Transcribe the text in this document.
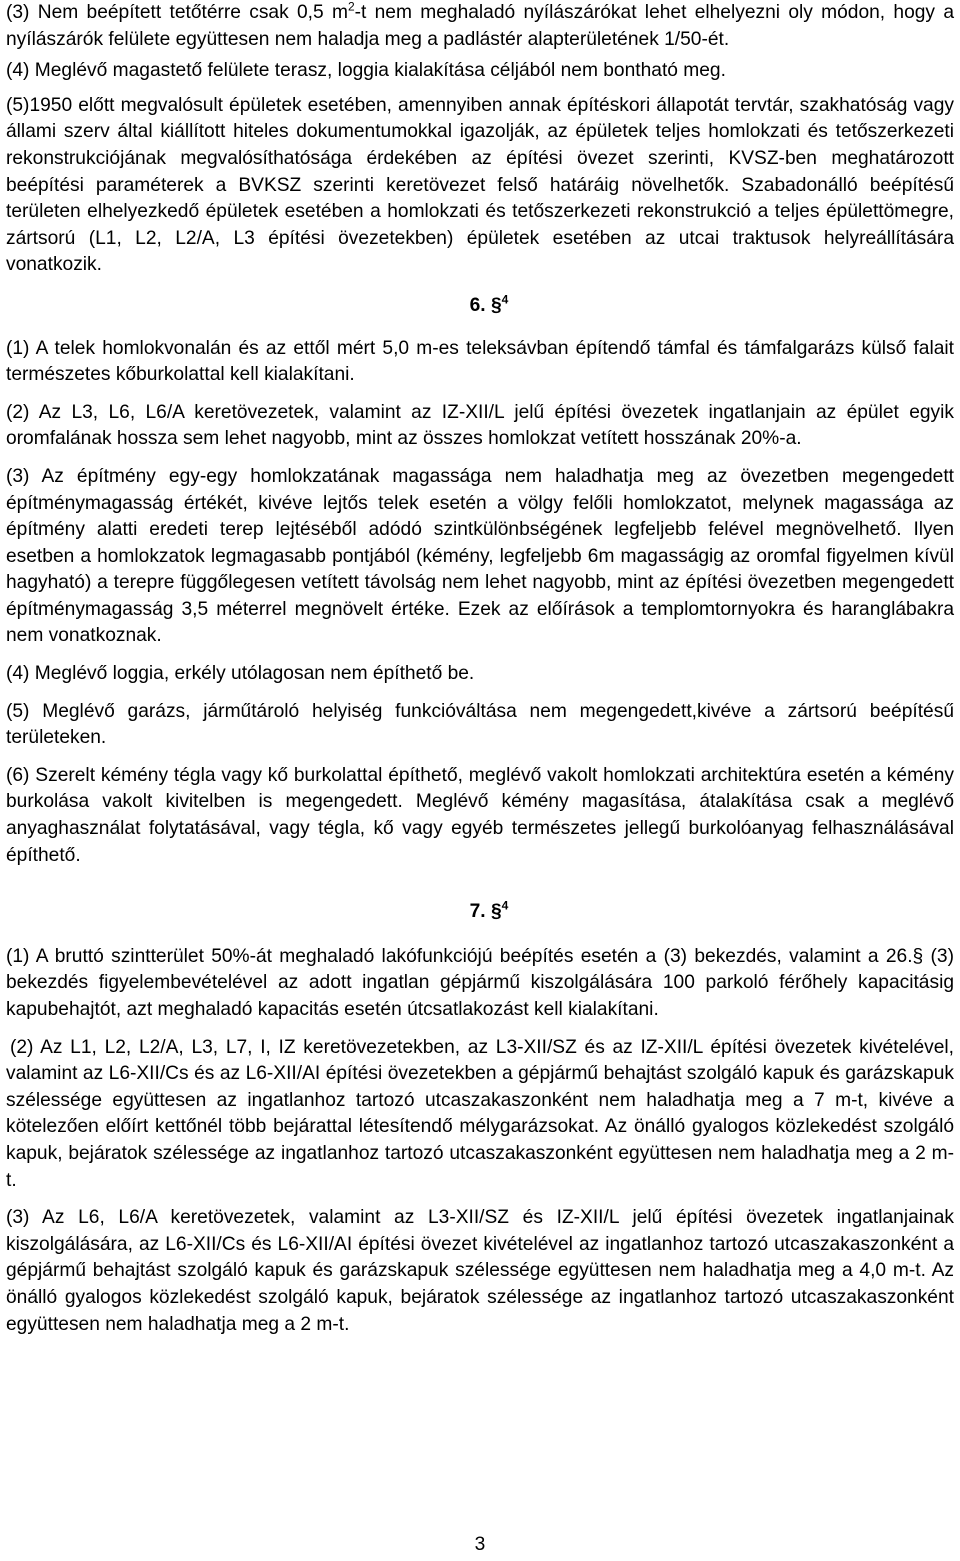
(3) Nem beépített tetőtérre csak 0,5 $m^2-t$ nem meghaladó nyílászárókat lehet elhelyezni oly módon, hogy a nyílászárók felülete együttesen nem haladja meg a padlástér alapterületének 1/50-ét.

(4) Meglévő magastető felülete terasz, loggia kialakítása céljából nem bontható meg.

(5)1950 előtt megvalósult épületek esetében, amennyiben annak építéskori állapotát tervtár, szakhatóság vagy állami szerv által kiállított hiteles dokumentumokkal igazolják, az épületek teljes homlokzati és tetőszerkezeti rekonstrukciójának megvalósíthatósága érdekében az építési övezet szerinti, KVSZ-ben meghatározott beépítési paraméterek a BVKSZ szerinti keretövezet felső határáig növelhetők. Szabadonálló beépítésű területen elhelyezkedő épületek esetében a homlokzati és tetőszerkezeti rekonstrukció a teljes épülettömegre, zártsorú (L1, L2, L2/A, L3 építési övezetekben) épületek esetében az utcai traktusok helyreállítására vonatkozik.

6. §$^4$

(1) A telek homlokvonalán és az ettől mért 5,0 m-es teleksávban építendő támfal és támfalgarázs külső falait természetes kőburkolattal kell kialakítani.

(2) Az L3, L6, L6/A keretövezetek, valamint az IZ-XII/L jelű építési övezetek ingatlanjain az épület egyik oromfalának hossza sem lehet nagyobb, mint az összes homlokzat vetített hosszának 20%-a.

(3) Az építmény egy-egy homlokzatának magassága nem haladhatja meg az övezetben megengedett építménymagasság értékét, kivéve lejtős telek esetén a völgy felőli homlokzatot, melynek magassága az építmény alatti eredeti terep lejtéséből adódó szintkülönbségének legfeljebb felével megnövelhető. Ilyen esetben a homlokzatok legmagasabb pontjából (kémény, legfeljebb 6m magasságig az oromfal figyelmen kívül hagyható) a terepre függőlegesen vetített távolság nem lehet nagyobb, mint az építési övezetben megengedett építménymagasság 3,5 méterrel megnövelt értéke. Ezek az előírások a templomtornyokra és haranglábakra nem vonatkoznak.

(4) Meglévő loggia, erkély utólagosan nem építhető be.

(5) Meglévő garázs, járműtároló helyiség funkcióváltása nem megengedett,kivéve a zártsorú beépítésű területeken.

(6) Szerelt kémény tégla vagy kő burkolattal építhető, meglévő vakolt homlokzati architektúra esetén a kémény burkolása vakolt kivitelben is megengedett. Meglévő kémény magasítása, átalakítása csak a meglévő anyaghasználat folytatásával, vagy tégla, kő vagy egyéb természetes jellegű burkolóanyag felhasználásával építhető.

7. §$^4$

(1) A bruttó szintterület 50%-át meghaladó lakófunkciójú beépítés esetén a (3) bekezdés, valamint a 26.§ (3) bekezdés figyelembevételével az adott ingatlan gépjármű kiszolgálására 100 parkoló férőhely kapacitásig kapubehajtót, azt meghaladó kapacitás esetén útcsatlakozást kell kialakítani.

(2) Az L1, L2, L2/A, L3, L7, I, IZ keretövezetekben, az L3-XII/SZ és az IZ-XII/L építési övezetek kivételével, valamint az L6-XII/Cs és az L6-XII/AI építési övezetekben a gépjármű behajtást szolgáló kapuk és garázskapuk szélessége együttesen az ingatlanhoz tartozó utcaszakaszonként nem haladhatja meg a 7 m-t, kivéve a kötelezően előírt kettőnél több bejárattal létesítendő mélygarázsokat. Az önálló gyalogos közlekedést szolgáló kapuk, bejáratok szélessége az ingatlanhoz tartozó utcaszakaszonként együttesen nem haladhatja meg a 2 m-t.

(3) Az L6, L6/A keretövezetek, valamint az L3-XII/SZ és IZ-XII/L jelű építési övezetek ingatlanjainak kiszolgálására, az L6-XII/Cs és L6-XII/AI építési övezet kivételével az ingatlanhoz tartozó utcaszakaszonként a gépjármű behajtást szolgáló kapuk és garázskapuk szélessége együttesen nem haladhatja meg a 4,0 m-t. Az önálló gyalogos közlekedést szolgáló kapuk, bejáratok szélessége az ingatlanhoz tartozó utcaszakaszonként együttesen nem haladhatja meg a 2 m-t.

3
